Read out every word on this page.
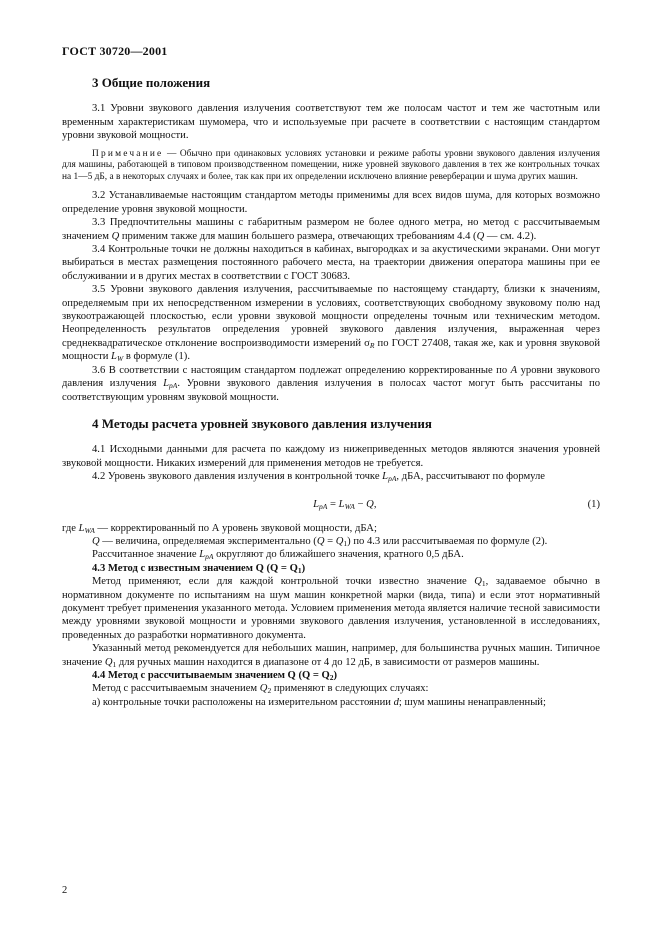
ГОСТ 30720—2001
3 Общие положения

3.1 Уровни звукового давления излучения соответствуют тем же полосам частот и тем же частотным или временным характеристикам шумомера, что и используемые при расчете в соответствии с настоящим стандартом уровни звуковой мощности.

Примечание — Обычно при одинаковых условиях установки и режиме работы уровни звукового давления излучения для машины, работающей в типовом производственном помещении, ниже уровней звукового давления в тех же контрольных точках на 1—5 дБ, а в некоторых случаях и более, так как при их определении исключено влияние реверберации и шума других машин.

3.2 Устанавливаемые настоящим стандартом методы применимы для всех видов шума, для которых возможно определение уровня звуковой мощности.

3.3 Предпочтительны машины с габаритным размером не более одного метра, но метод с рассчитываемым значением Q применим также для машин большего размера, отвечающих требованиям 4.4 (Q — см. 4.2).

3.4 Контрольные точки не должны находиться в кабинах, выгородках и за акустическими экранами. Они могут выбираться в местах размещения постоянного рабочего места, на траектории движения оператора машины при ее обслуживании и в других местах в соответствии с ГОСТ 30683.

3.5 Уровни звукового давления излучения, рассчитываемые по настоящему стандарту, близки к значениям, определяемым при их непосредственном измерении в условиях, соответствующих свободному звуковому полю над звукоотражающей плоскостью, если уровни звуковой мощности определены точным или техническим методом. Неопределенность результатов определения уровней звукового давления излучения, выраженная через среднеквадратическое отклонение воспроизводимости измерений $\sigma_R$ по ГОСТ 27408, такая же, как и уровня звуковой мощности $L_W$ в формуле (1).

3.6 В соответствии с настоящим стандартом подлежат определению корректированные по А уровни звукового давления излучения $L_{pA}$. Уровни звукового давления излучения в полосах частот могут быть рассчитаны по соответствующим уровням звуковой мощности.

4 Методы расчета уровней звукового давления излучения

4.1 Исходными данными для расчета по каждому из нижеприведенных методов являются значения уровней звуковой мощности. Никаких измерений для применения методов не требуется.

4.2 Уровень звукового давления излучения в контрольной точке $L_{pA}$, дБА, рассчитывают по формуле

$L_{pA} = L_{WA} - Q$,	(1)

где $L_{WA}$ — корректированный по А уровень звуковой мощности, дБА;

Q — величина, определяемая экспериментально $(Q = Q_1)$ по 4.3 или рассчитываемая по формуле (2).

Рассчитанное значение $L_{pA}$ округляют до ближайшего значения, кратного 0,5 дБА.

4.3 Метод с известным значением Q $(Q = Q_1)$

Метод применяют, если для каждой контрольной точки известно значение $Q_1$, задаваемое обычно в нормативном документе по испытаниям на шум машин конкретной марки (вида, типа) и если этот нормативный документ требует применения указанного метода. Условием применения метода является наличие тесной зависимости между уровнями звуковой мощности и уровнями звукового давления излучения, установленной в исследованиях, проведенных до разработки нормативного документа.

Указанный метод рекомендуется для небольших машин, например, для большинства ручных машин. Типичное значение $Q_1$ для ручных машин находится в диапазоне от 4 до 12 дБ, в зависимости от размеров машины.

4.4 Метод с рассчитываемым значением Q $(Q = Q_2)$

Метод с рассчитываемым значением $Q_2$ применяют в следующих случаях:

а) контрольные точки расположены на измерительном расстоянии d; шум машины ненаправленный;

2
